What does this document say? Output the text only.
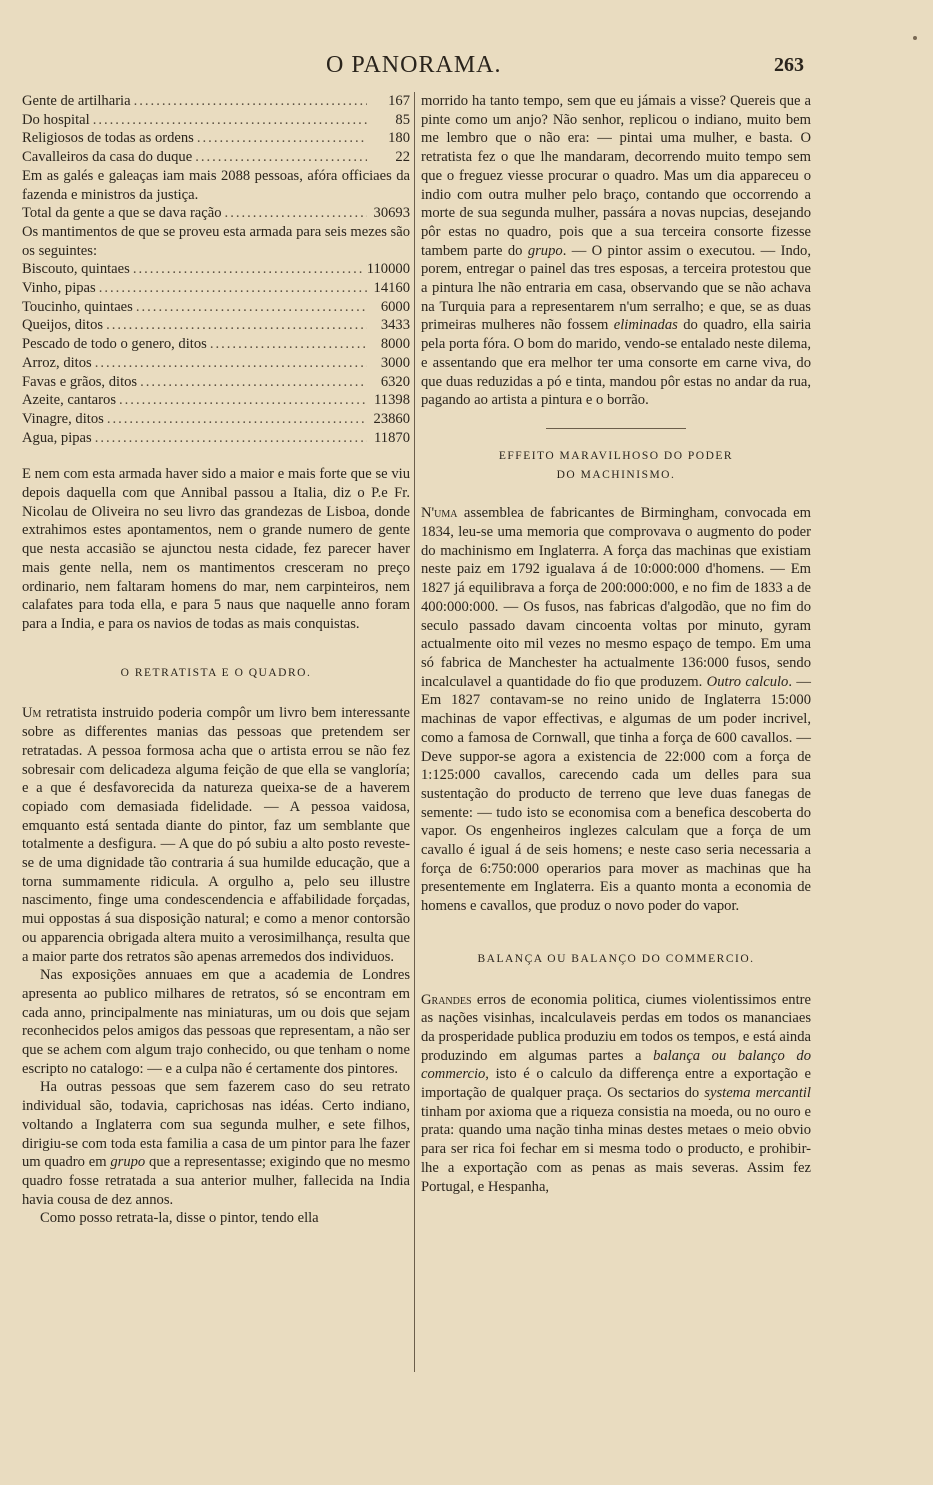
O PANORAMA.	263
Gente de artilharia .....	167
Do hospital .....	85
Religiosos de todas as ordens .....	180
Cavalleiros da casa do duque .....	22

Em as galés e galeaças iam mais 2088 pessoas, afóra officiaes da fazenda e ministros da justiça.

Total da gente a que se dava ração .....	30693

Os mantimentos de que se proveu esta armada para seis mezes são os seguintes:

Biscouto, quintaes .....	110000
Vinho, pipas .....	14160
Toucinho, quintaes .....	6000
Queijos, ditos .....	3433
Pescado de todo o genero, ditos .....	8000
Arroz, ditos .....	3000
Favas e grãos, ditos .....	6320
Azeite, cantaros .....	11398
Vinagre, ditos .....	23860
Agua, pipas .....	11870

E nem com esta armada haver sido a maior e mais forte que se viu depois daquella com que Annibal passou a Italia, diz o P.e Fr. Nicolau de Oliveira no seu livro das grandezas de Lisboa, donde extrahimos estes apontamentos, nem o grande numero de gente que nesta accasião se ajunctou nesta cidade, fez parecer haver mais gente nella, nem os mantimentos cresceram no preço ordinario, nem faltaram homens do mar, nem carpinteiros, nem calafates para toda ella, e para 5 naus que naquelle anno foram para a India, e para os navios de todas as mais conquistas.

O RETRATISTA E O QUADRO.

Um retratista instruido poderia compôr um livro bem interessante sobre as differentes manias das pessoas que pretendem ser retratadas. A pessoa formosa acha que o artista errou se não fez sobresair com delicadeza alguma feição de que ella se vangloría; e a que é desfavorecida da natureza queixa-se de a haverem copiado com demasiada fidelidade. — A pessoa vaidosa, emquanto está sentada diante do pintor, faz um semblante que totalmente a desfigura. — A que do pó subiu a alto posto reveste-se de uma dignidade tão contraria á sua humilde educação, que a torna summamente ridicula. A orgulho a, pelo seu illustre nascimento, finge uma condescendencia e affabilidade forçadas, mui oppostas á sua disposição natural; e como a menor contorsão ou apparencia obrigada altera muito a verosimilhança, resulta que a maior parte dos retratos são apenas arremedos dos individuos.

Nas exposições annuaes em que a academia de Londres apresenta ao publico milhares de retratos, só se encontram em cada anno, principalmente nas miniaturas, um ou dois que sejam reconhecidos pelos amigos das pessoas que representam, a não ser que se achem com algum trajo conhecido, ou que tenham o nome escripto no catalogo: — e a culpa não é certamente dos pintores.

Ha outras pessoas que sem fazerem caso do seu retrato individual são, todavia, caprichosas nas idéas. Certo indiano, voltando a Inglaterra com sua segunda mulher, e sete filhos, dirigiu-se com toda esta familia a casa de um pintor para lhe fazer um quadro em grupo que a representasse; exigindo que no mesmo quadro fosse retratada a sua anterior mulher, fallecida na India havia cousa de dez annos.

Como posso retrata-la, disse o pintor, tendo ella

morrido ha tanto tempo, sem que eu jámais a visse? Quereis que a pinte como um anjo? Não senhor, replicou o indiano, muito bem me lembro que o não era: — pintai uma mulher, e basta. O retratista fez o que lhe mandaram, decorrendo muito tempo sem que o freguez viesse procurar o quadro. Mas um dia appareceu o indio com outra mulher pelo braço, contando que occorrendo a morte de sua segunda mulher, passára a novas nupcias, desejando pôr estas no quadro, pois que a sua terceira consorte fizesse tambem parte do grupo. — O pintor assim o executou. — Indo, porem, entregar o painel das tres esposas, a terceira protestou que a pintura lhe não entraria em casa, observando que se não achava na Turquia para a representarem n'um serralho; e que, se as duas primeiras mulheres não fossem eliminadas do quadro, ella sairia pela porta fóra. O bom do marido, vendo-se entalado neste dilema, e assentando que era melhor ter uma consorte em carne viva, do que duas reduzidas a pó e tinta, mandou pôr estas no andar da rua, pagando ao artista a pintura e o borrão.

EFFEITO MARAVILHOSO DO PODER
DO MACHINISMO.

N'uma assemblea de fabricantes de Birmingham, convocada em 1834, leu-se uma memoria que comprovava o augmento do poder do machinismo em Inglaterra. A força das machinas que existiam neste paiz em 1792 igualava á de 10:000:000 d'homens. — Em 1827 já equilibrava a força de 200:000:000, e no fim de 1833 a de 400:000:000. — Os fusos, nas fabricas d'algodão, que no fim do seculo passado davam cincoenta voltas por minuto, gyram actualmente oito mil vezes no mesmo espaço de tempo. Em uma só fabrica de Manchester ha actualmente 136:000 fusos, sendo incalculavel a quantidade do fio que produzem. Outro calculo. — Em 1827 contavam-se no reino unido de Inglaterra 15:000 machinas de vapor effectivas, e algumas de um poder incrivel, como a famosa de Cornwall, que tinha a força de 600 cavallos. — Deve suppor-se agora a existencia de 22:000 com a força de 1:125:000 cavallos, carecendo cada um delles para sua sustentação do producto de terreno que leve duas fanegas de semente: — tudo isto se economisa com a benefica descoberta do vapor. Os engenheiros inglezes calculam que a força de um cavallo é igual á de seis homens; e neste caso seria necessaria a força de 6:750:000 operarios para mover as machinas que ha presentemente em Inglaterra. Eis a quanto monta a economia de homens e cavallos, que produz o novo poder do vapor.

BALANÇA OU BALANÇO DO COMMERCIO.

Grandes erros de economia politica, ciumes violentissimos entre as nações visinhas, incalculaveis perdas em todos os mananciaes da prosperidade publica produziu em todos os tempos, e está ainda produzindo em algumas partes a balança ou balanço do commercio, isto é o calculo da differença entre a exportação e importação de qualquer praça. Os sectarios do systema mercantil tinham por axioma que a riqueza consistia na moeda, ou no ouro e prata: quando uma nação tinha minas destes metaes o meio obvio para ser rica foi fechar em si mesma todo o producto, e prohibir-lhe a exportação com as penas as mais severas. Assim fez Portugal, e Hespanha,
